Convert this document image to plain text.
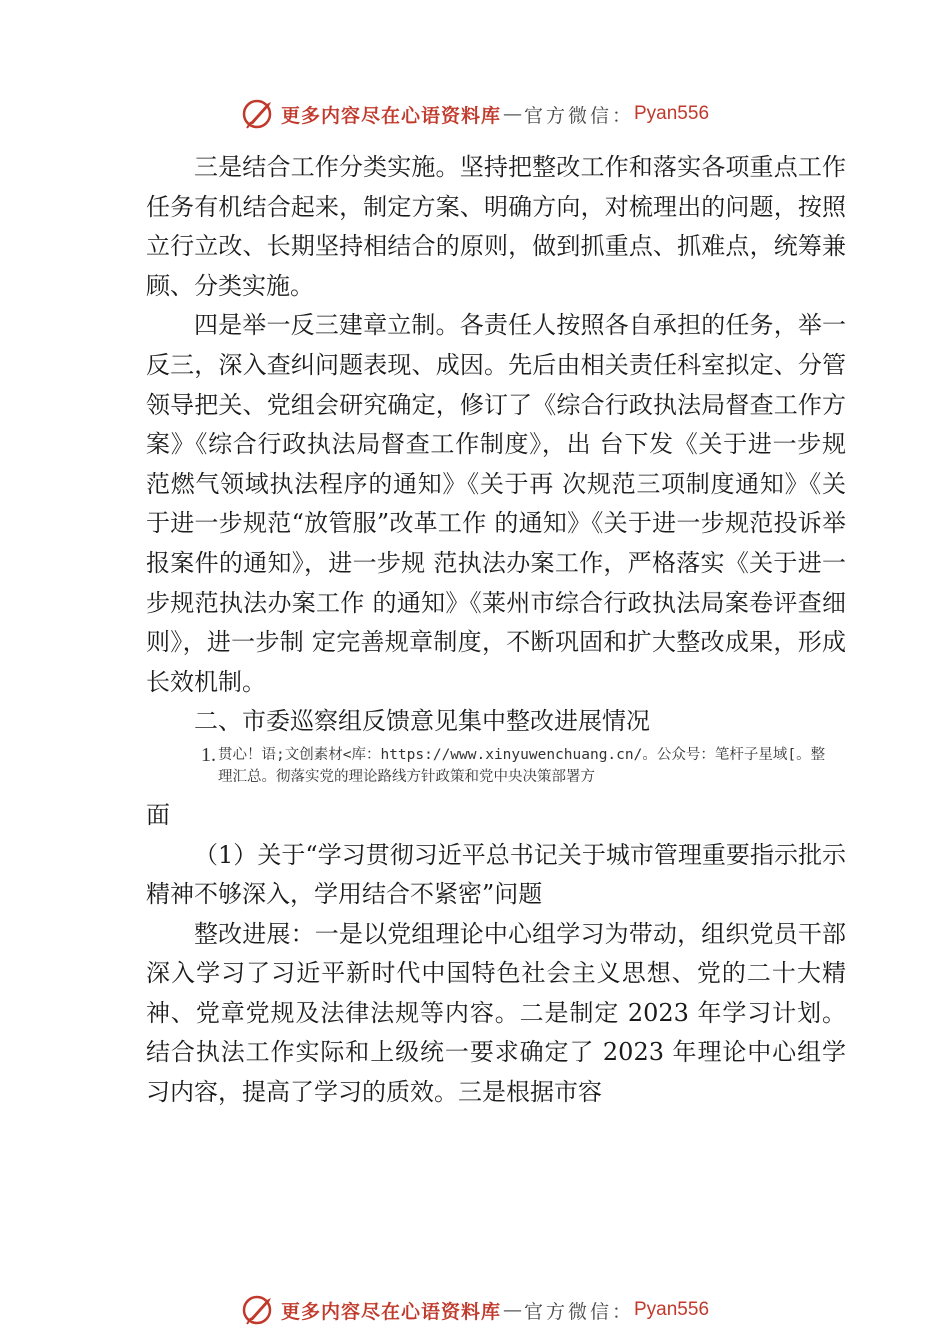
更多内容尽在心语资料库 — 官方微信： Pyan556

三是结合工作分类实施。坚持把整改工作和落实各项重点工作任务有机结合起来，制定方案、明确方向，对梳理出的问题，按照立行立改、长期坚持相结合的原则，做到抓重点、抓难点，统筹兼顾、分类实施。

四是举一反三建章立制。各责任人按照各自承担的任务，举一反三，深入查纠问题表现、成因。先后由相关责任科室拟定、分管领导把关、党组会研究确定，修订了《综合行政执法局督查工作方案》《综合行政执法局督查工作制度》，出 台下发《关于进一步规范燃气领域执法程序的通知》《关于再 次规范三项制度通知》《关于进一步规范“放管服”改革工作 的通知》《关于进一步规范投诉举报案件的通知》，进一步规 范执法办案工作，严格落实《关于进一步规范执法办案工作 的通知》《莱州市综合行政执法局案卷评查细则》，进一步制 定完善规章制度，不断巩固和扩大整改成果，形成长效机制。

二、市委巡察组反馈意见集中整改进展情况

1. 贯心！语;文创素材<库：https://www.xinyuwenchuang.cn/。公众号：笔杆子星域[。整理汇总。彻落实党的理论路线方针政策和党中央决策部署方

面

（1）关于“学习贯彻习近平总书记关于城市管理重要指示批示精神不够深入，学用结合不紧密”问题

整改进展：一是以党组理论中心组学习为带动，组织党员干部深入学习了习近平新时代中国特色社会主义思想、党的二十大精神、党章党规及法律法规等内容。二是制定 2023 年学习计划。结合执法工作实际和上级统一要求确定了 2023 年理论中心组学习内容，提高了学习的质效。三是根据市容

更多内容尽在心语资料库 — 官方微信： Pyan556
